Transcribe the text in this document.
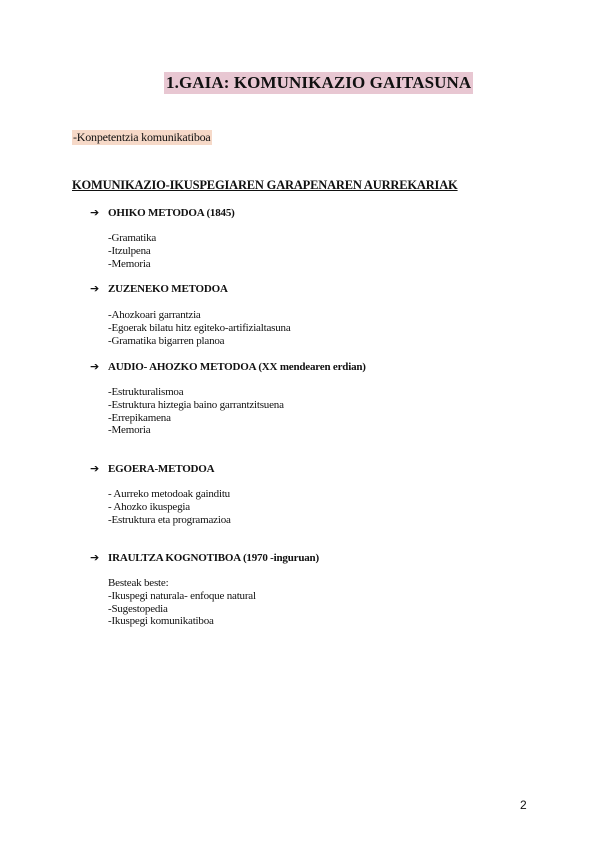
1.GAIA: KOMUNIKAZIO GAITASUNA
-Konpetentzia komunikatiboa
KOMUNIKAZIO-IKUSPEGIAREN GARAPENAREN AURREKARIAK
➔ OHIKO METODOA (1845)
-Gramatika
-Itzulpena
-Memoria
➔ ZUZENEKO METODOA
-Ahozkoari garrantzia
-Egoerak bilatu hitz egiteko-artifizialtasuna
-Gramatika bigarren planoa
➔ AUDIO- AHOZKO METODOA (XX mendearen erdian)
-Estrukturalismoa
-Estruktura hiztegia baino garrantzitsuena
-Errepikamena
-Memoria
➔ EGOERA-METODOA
- Aurreko metodoak gainditu
- Ahozko ikuspegia
-Estruktura eta programazioa
➔ IRAULTZA KOGNOTIBOA (1970 -inguruan)
Besteak beste:
-Ikuspegi naturala- enfoque natural
-Sugestopedia
-Ikuspegi komunikatiboa
2
